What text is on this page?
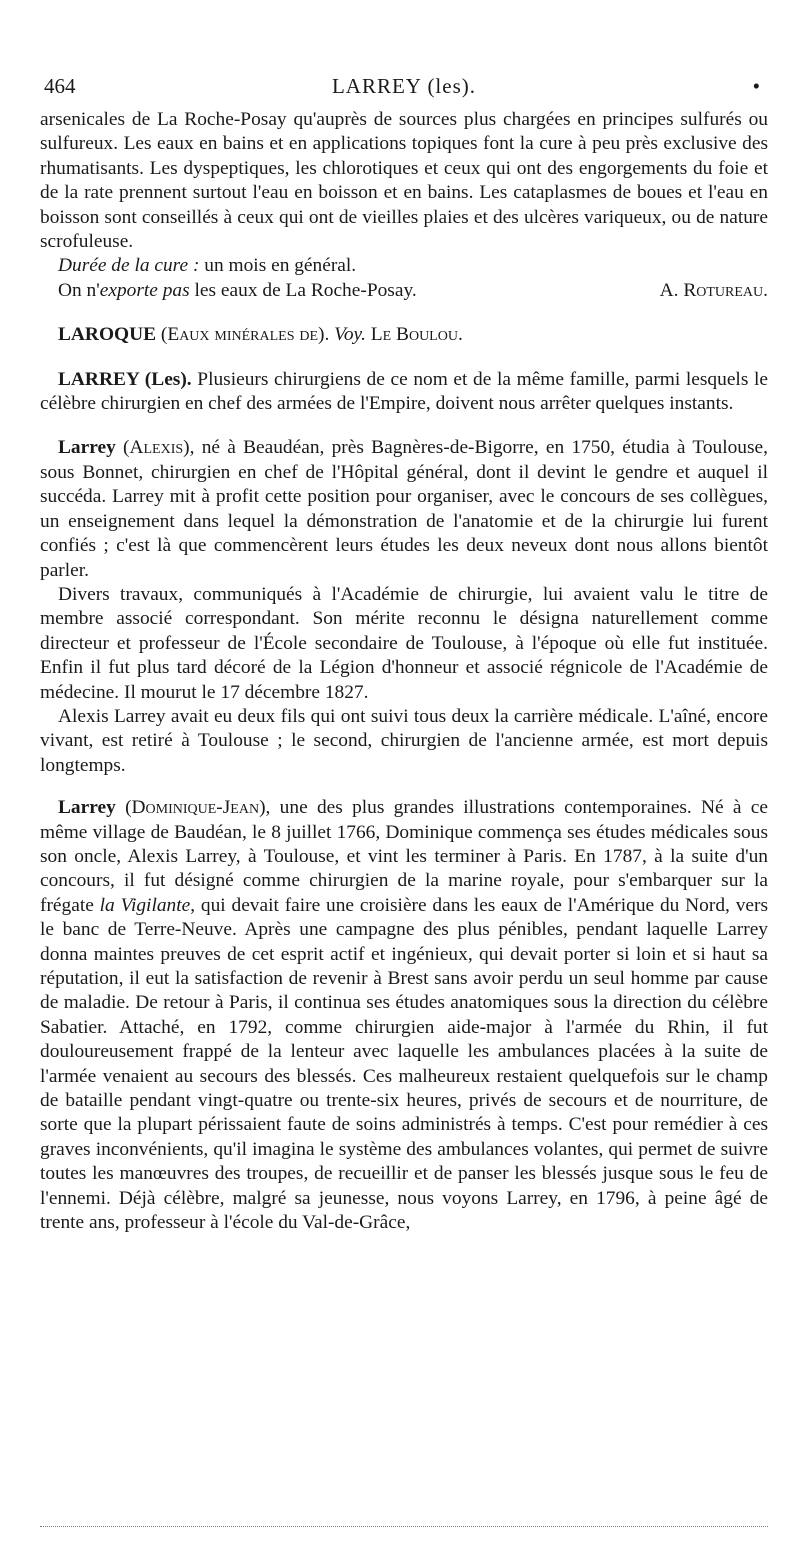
464	LARREY (les).	•

arsenicales de La Roche-Posay qu'auprès de sources plus chargées en principes sulfurés ou sulfureux. Les eaux en bains et en applications topiques font la cure à peu près exclusive des rhumatisants. Les dyspeptiques, les chlorotiques et ceux qui ont des engorgements du foie et de la rate prennent surtout l'eau en boisson et en bains. Les cataplasmes de boues et l'eau en boisson sont conseillés à ceux qui ont de vieilles plaies et des ulcères variqueux, ou de nature scrofuleuse.

Durée de la cure : un mois en général.

On n'exporte pas les eaux de La Roche-Posay.	A. Rotureau.

LAROQUE (Eaux minérales de). Voy. Le Boulou.

LARREY (Les). Plusieurs chirurgiens de ce nom et de la même famille, parmi lesquels le célèbre chirurgien en chef des armées de l'Empire, doivent nous arrêter quelques instants.

Larrey (Alexis), né à Beaudéan, près Bagnères-de-Bigorre, en 1750, étudia à Toulouse, sous Bonnet, chirurgien en chef de l'Hôpital général, dont il devint le gendre et auquel il succéda. Larrey mit à profit cette position pour organiser, avec le concours de ses collègues, un enseignement dans lequel la démonstration de l'anatomie et de la chirurgie lui furent confiés ; c'est là que commencèrent leurs études les deux neveux dont nous allons bientôt parler.

Divers travaux, communiqués à l'Académie de chirurgie, lui avaient valu le titre de membre associé correspondant. Son mérite reconnu le désigna naturellement comme directeur et professeur de l'École secondaire de Toulouse, à l'époque où elle fut instituée. Enfin il fut plus tard décoré de la Légion d'honneur et associé régnicole de l'Académie de médecine. Il mourut le 17 décembre 1827.

Alexis Larrey avait eu deux fils qui ont suivi tous deux la carrière médicale. L'aîné, encore vivant, est retiré à Toulouse ; le second, chirurgien de l'ancienne armée, est mort depuis longtemps.

Larrey (Dominique-Jean), une des plus grandes illustrations contemporaines. Né à ce même village de Baudéan, le 8 juillet 1766, Dominique commença ses études médicales sous son oncle, Alexis Larrey, à Toulouse, et vint les terminer à Paris. En 1787, à la suite d'un concours, il fut désigné comme chirurgien de la marine royale, pour s'embarquer sur la frégate la Vigilante, qui devait faire une croisière dans les eaux de l'Amérique du Nord, vers le banc de Terre-Neuve. Après une campagne des plus pénibles, pendant laquelle Larrey donna maintes preuves de cet esprit actif et ingénieux, qui devait porter si loin et si haut sa réputation, il eut la satisfaction de revenir à Brest sans avoir perdu un seul homme par cause de maladie. De retour à Paris, il continua ses études anatomiques sous la direction du célèbre Sabatier. Attaché, en 1792, comme chirurgien aide-major à l'armée du Rhin, il fut douloureusement frappé de la lenteur avec laquelle les ambulances placées à la suite de l'armée venaient au secours des blessés. Ces malheureux restaient quelquefois sur le champ de bataille pendant vingt-quatre ou trente-six heures, privés de secours et de nourriture, de sorte que la plupart périssaient faute de soins administrés à temps. C'est pour remédier à ces graves inconvénients, qu'il imagina le système des ambulances volantes, qui permet de suivre toutes les manœuvres des troupes, de recueillir et de panser les blessés jusque sous le feu de l'ennemi. Déjà célèbre, malgré sa jeunesse, nous voyons Larrey, en 1796, à peine âgé de trente ans, professeur à l'école du Val-de-Grâce,
